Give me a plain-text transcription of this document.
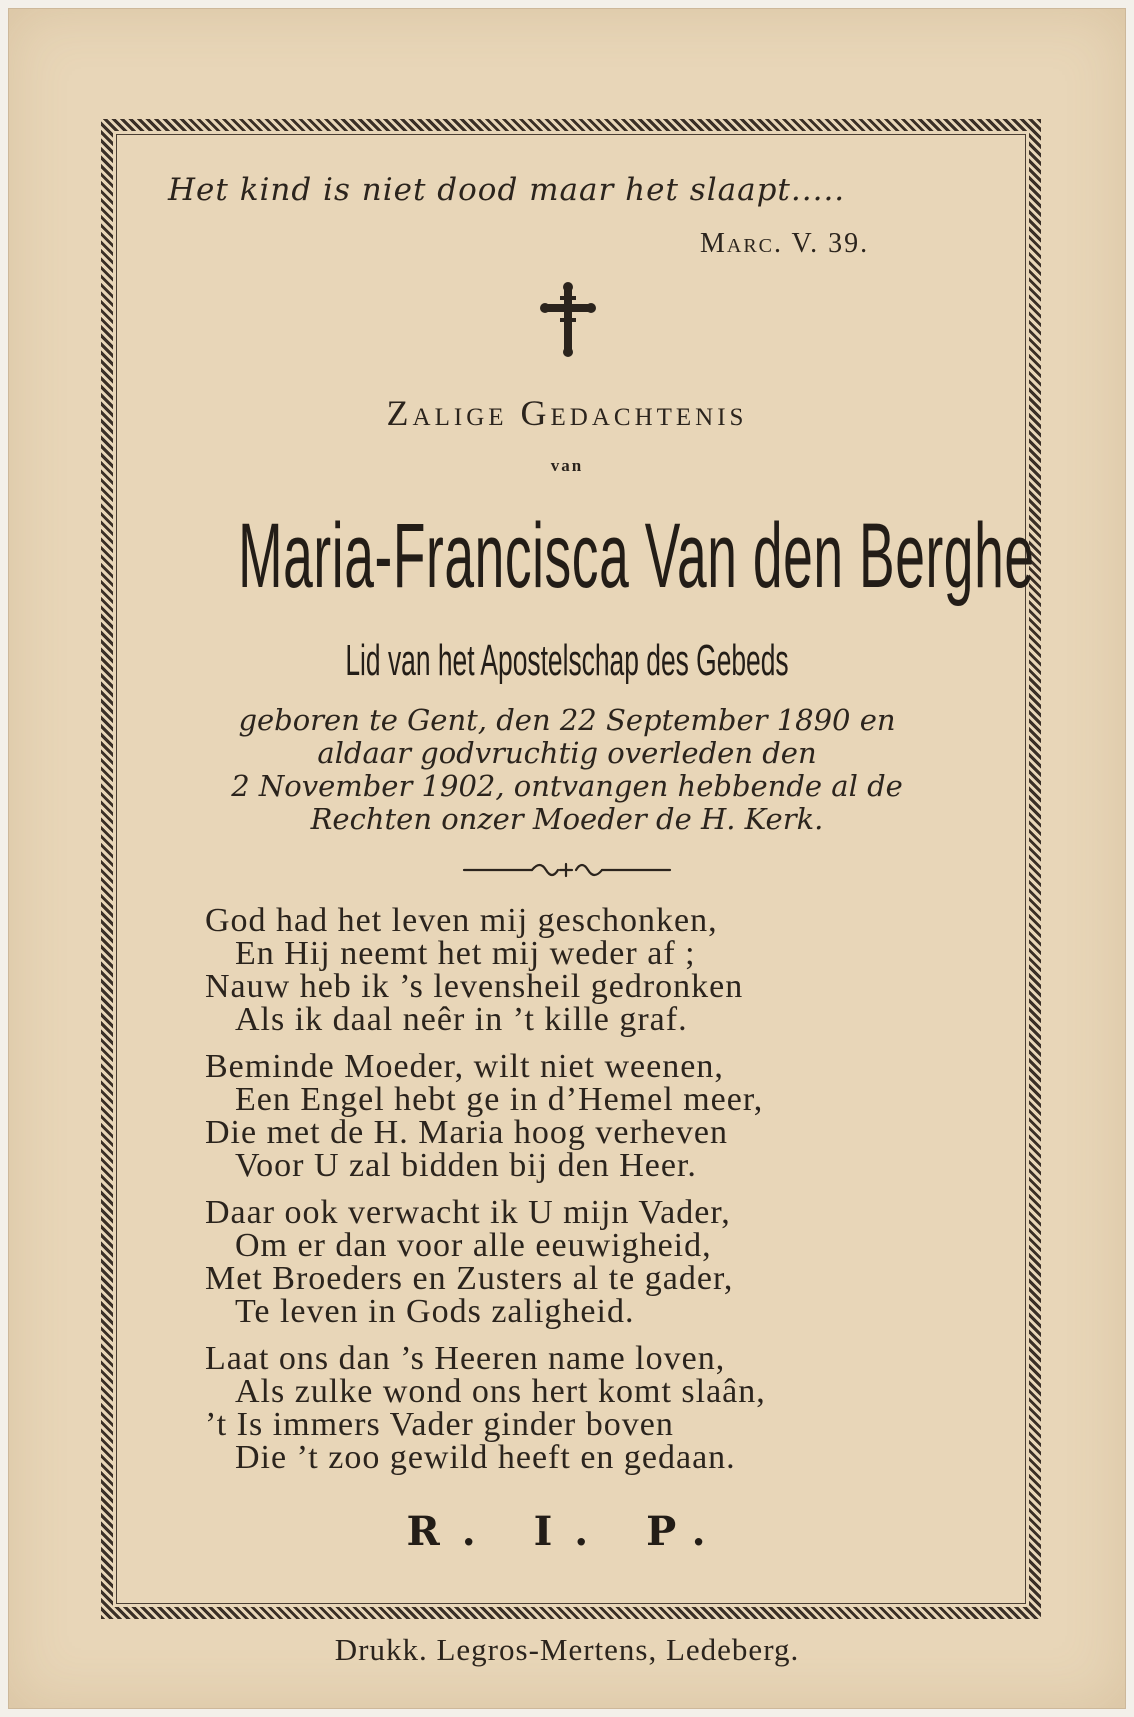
Het kind is niet dood maar het slaapt.....
Marc. V. 39.
Zalige Gedachtenis
van
Maria-Francisca Van den Berghe
Lid van het Apostelschap des Gebeds
geboren te Gent, den 22 September 1890 en
aldaar godvruchtig overleden den
2 November 1902, ontvangen hebbende al de
Rechten onzer Moeder de H. Kerk.
God had het leven mij geschonken,
En Hij neemt het mij weder af ;
Nauw heb ik ’s levensheil gedronken
Als ik daal neêr in ’t kille graf.
Beminde Moeder, wilt niet weenen,
Een Engel hebt ge in d’Hemel meer,
Die met de H. Maria hoog verheven
Voor U zal bidden bij den Heer.
Daar ook verwacht ik U mijn Vader,
Om er dan voor alle eeuwigheid,
Met Broeders en Zusters al te gader,
Te leven in Gods zaligheid.
Laat ons dan ’s Heeren name loven,
Als zulke wond ons hert komt slaân,
’t Is immers Vader ginder boven
Die ’t zoo gewild heeft en gedaan.
R. I. P.
Drukk. Legros-Mertens, Ledeberg.
